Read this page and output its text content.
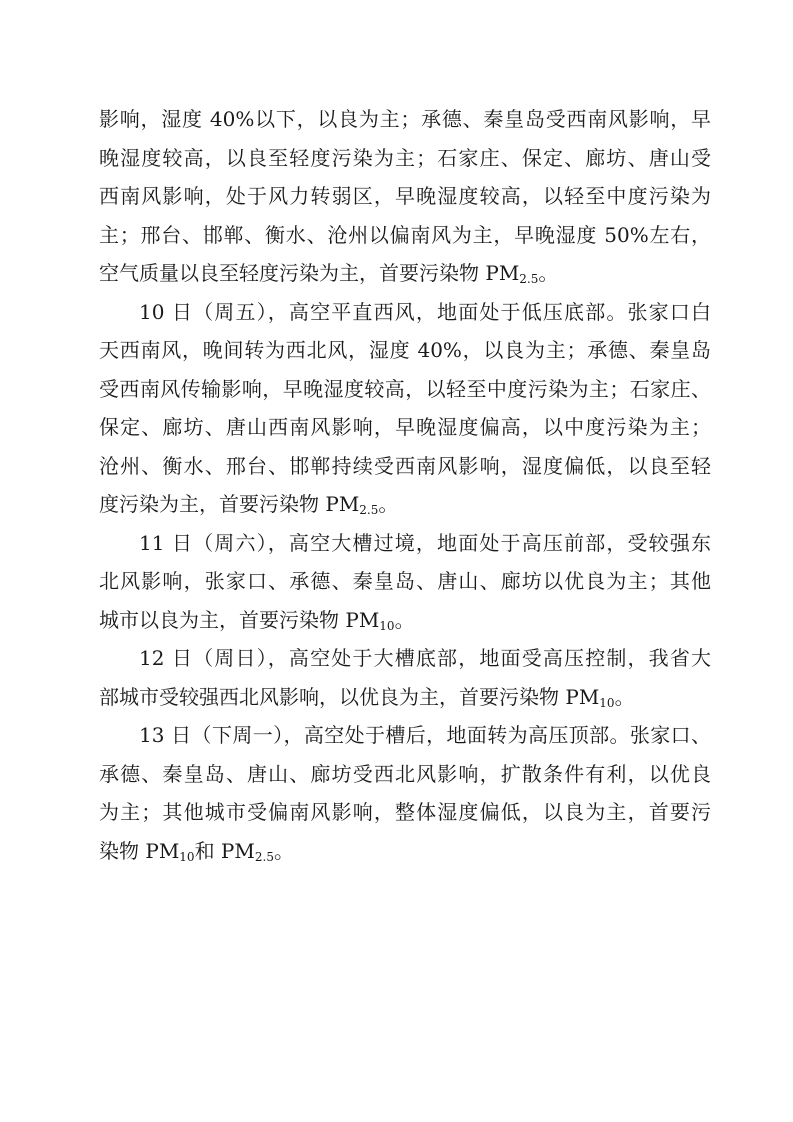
影响，湿度 40%以下，以良为主；承德、秦皇岛受西南风影响，早
晚湿度较高，以良至轻度污染为主；石家庄、保定、廊坊、唐山受
西南风影响，处于风力转弱区，早晚湿度较高，以轻至中度污染为
主；邢台、邯郸、衡水、沧州以偏南风为主，早晚湿度 50%左右，
空气质量以良至轻度污染为主，首要污染物 $PM_{2.5}$。
10 日（周五），高空平直西风，地面处于低压底部。张家口白
天西南风，晚间转为西北风，湿度 40%，以良为主；承德、秦皇岛
受西南风传输影响，早晚湿度较高，以轻至中度污染为主；石家庄、
保定、廊坊、唐山西南风影响，早晚湿度偏高，以中度污染为主；
沧州、衡水、邢台、邯郸持续受西南风影响，湿度偏低，以良至轻
度污染为主，首要污染物 $PM_{2.5}$。
11 日（周六），高空大槽过境，地面处于高压前部，受较强东
北风影响，张家口、承德、秦皇岛、唐山、廊坊以优良为主；其他
城市以良为主，首要污染物 $PM_{10}$。
12 日（周日），高空处于大槽底部，地面受高压控制，我省大
部城市受较强西北风影响，以优良为主，首要污染物 $PM_{10}$。
13 日（下周一），高空处于槽后，地面转为高压顶部。张家口、
承德、秦皇岛、唐山、廊坊受西北风影响，扩散条件有利，以优良
为主；其他城市受偏南风影响，整体湿度偏低，以良为主，首要污
染物 $PM_{10}$和 $PM_{2.5}$。
